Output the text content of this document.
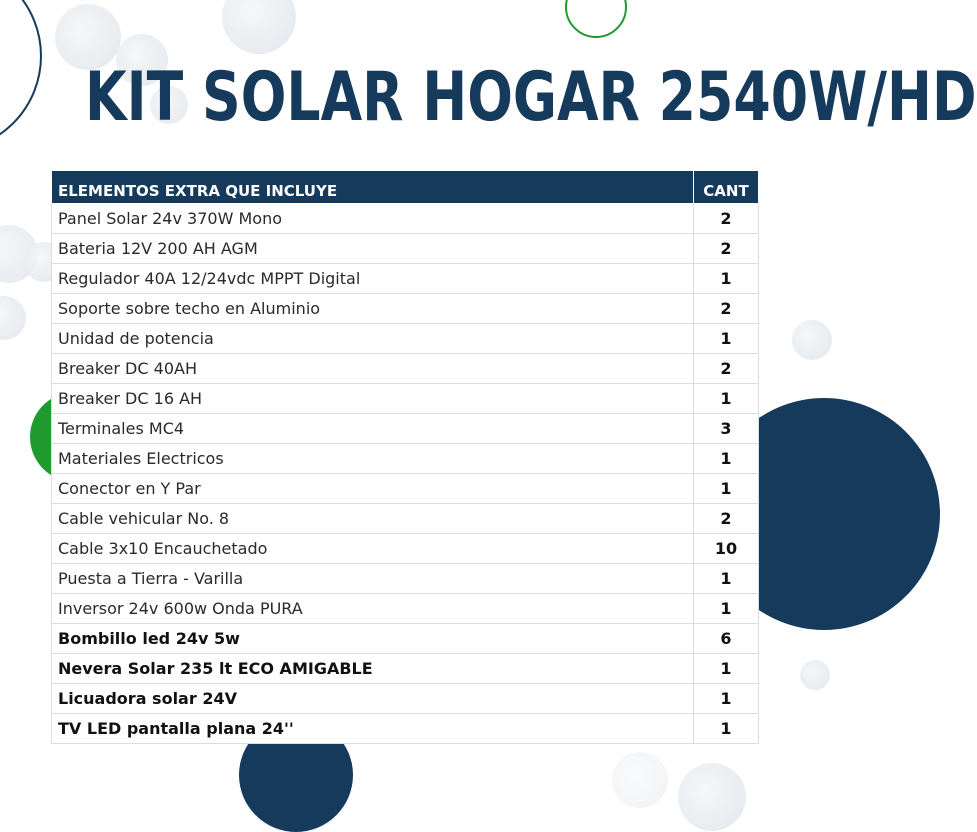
KIT SOLAR HOGAR 2540W/HD
ELEMENTOS EXTRA QUE INCLUYE	CANT
Panel Solar 24v 370W Mono	2
Bateria 12V 200 AH AGM	2
Regulador 40A 12/24vdc MPPT Digital	1
Soporte sobre techo en Aluminio	2
Unidad de potencia	1
Breaker DC 40AH	2
Breaker DC 16 AH	1
Terminales MC4	3
Materiales Electricos	1
Conector en Y Par	1
Cable vehicular No. 8	2
Cable 3x10 Encauchetado	10
Puesta a Tierra - Varilla	1
Inversor 24v 600w Onda PURA	1
Bombillo led 24v 5w	6
Nevera Solar 235 lt ECO AMIGABLE	1
Licuadora solar 24V	1
TV LED pantalla plana 24''	1
